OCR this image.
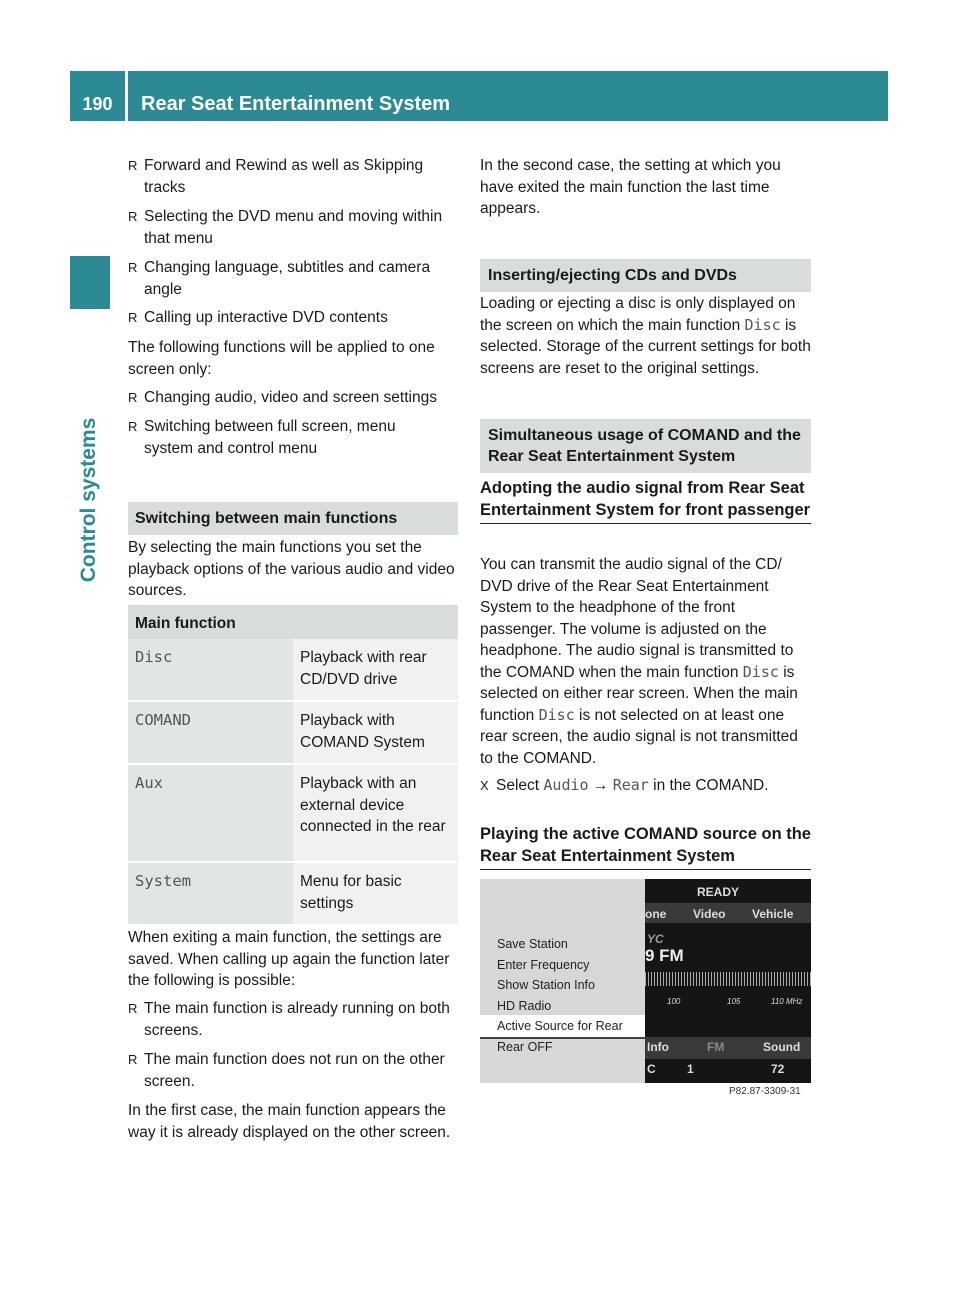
190	Rear Seat Entertainment System
Control systems
R Forward and Rewind as well as Skipping tracks
R Selecting the DVD menu and moving within that menu
R Changing language, subtitles and camera angle
R Calling up interactive DVD contents
The following functions will be applied to one screen only:
R Changing audio, video and screen settings
R Switching between full screen, menu system and control menu
Switching between main functions
By selecting the main functions you set the playback options of the various audio and video sources.
Main function	
Disc	Playback with rear CD/DVD drive
COMAND	Playback with COMAND System
Aux	Playback with an external device connected in the rear
System	Menu for basic settings
When exiting a main function, the settings are saved. When calling up again the function later the following is possible:
R The main function is already running on both screens.
R The main function does not run on the other screen.
In the first case, the main function appears the way it is already displayed on the other screen.
In the second case, the setting at which you have exited the main function the last time appears.
Inserting/ejecting CDs and DVDs
Loading or ejecting a disc is only displayed on the screen on which the main function Disc is selected. Storage of the current settings for both screens are reset to the original settings.
Simultaneous usage of COMAND and the Rear Seat Entertainment System
Adopting the audio signal from Rear Seat Entertainment System for front passenger
You can transmit the audio signal of the CD/ DVD drive of the Rear Seat Entertainment System to the headphone of the front passenger. The volume is adjusted on the headphone. The audio signal is transmitted to the COMAND when the main function Disc is selected on either rear screen. When the main function Disc is not selected on at least one rear screen, the audio signal is not transmitted to the COMAND.
X Select Audio → Rear in the COMAND.
Playing the active COMAND source on the Rear Seat Entertainment System
Save Station
Enter Frequency
Show Station Info
HD Radio
Active Source for Rear
Rear OFF
READY
one Video Vehicle
YC
9 FM
100	105	110 MHz
Info	FM	Sound
C	1	72
P82.87-3309-31
